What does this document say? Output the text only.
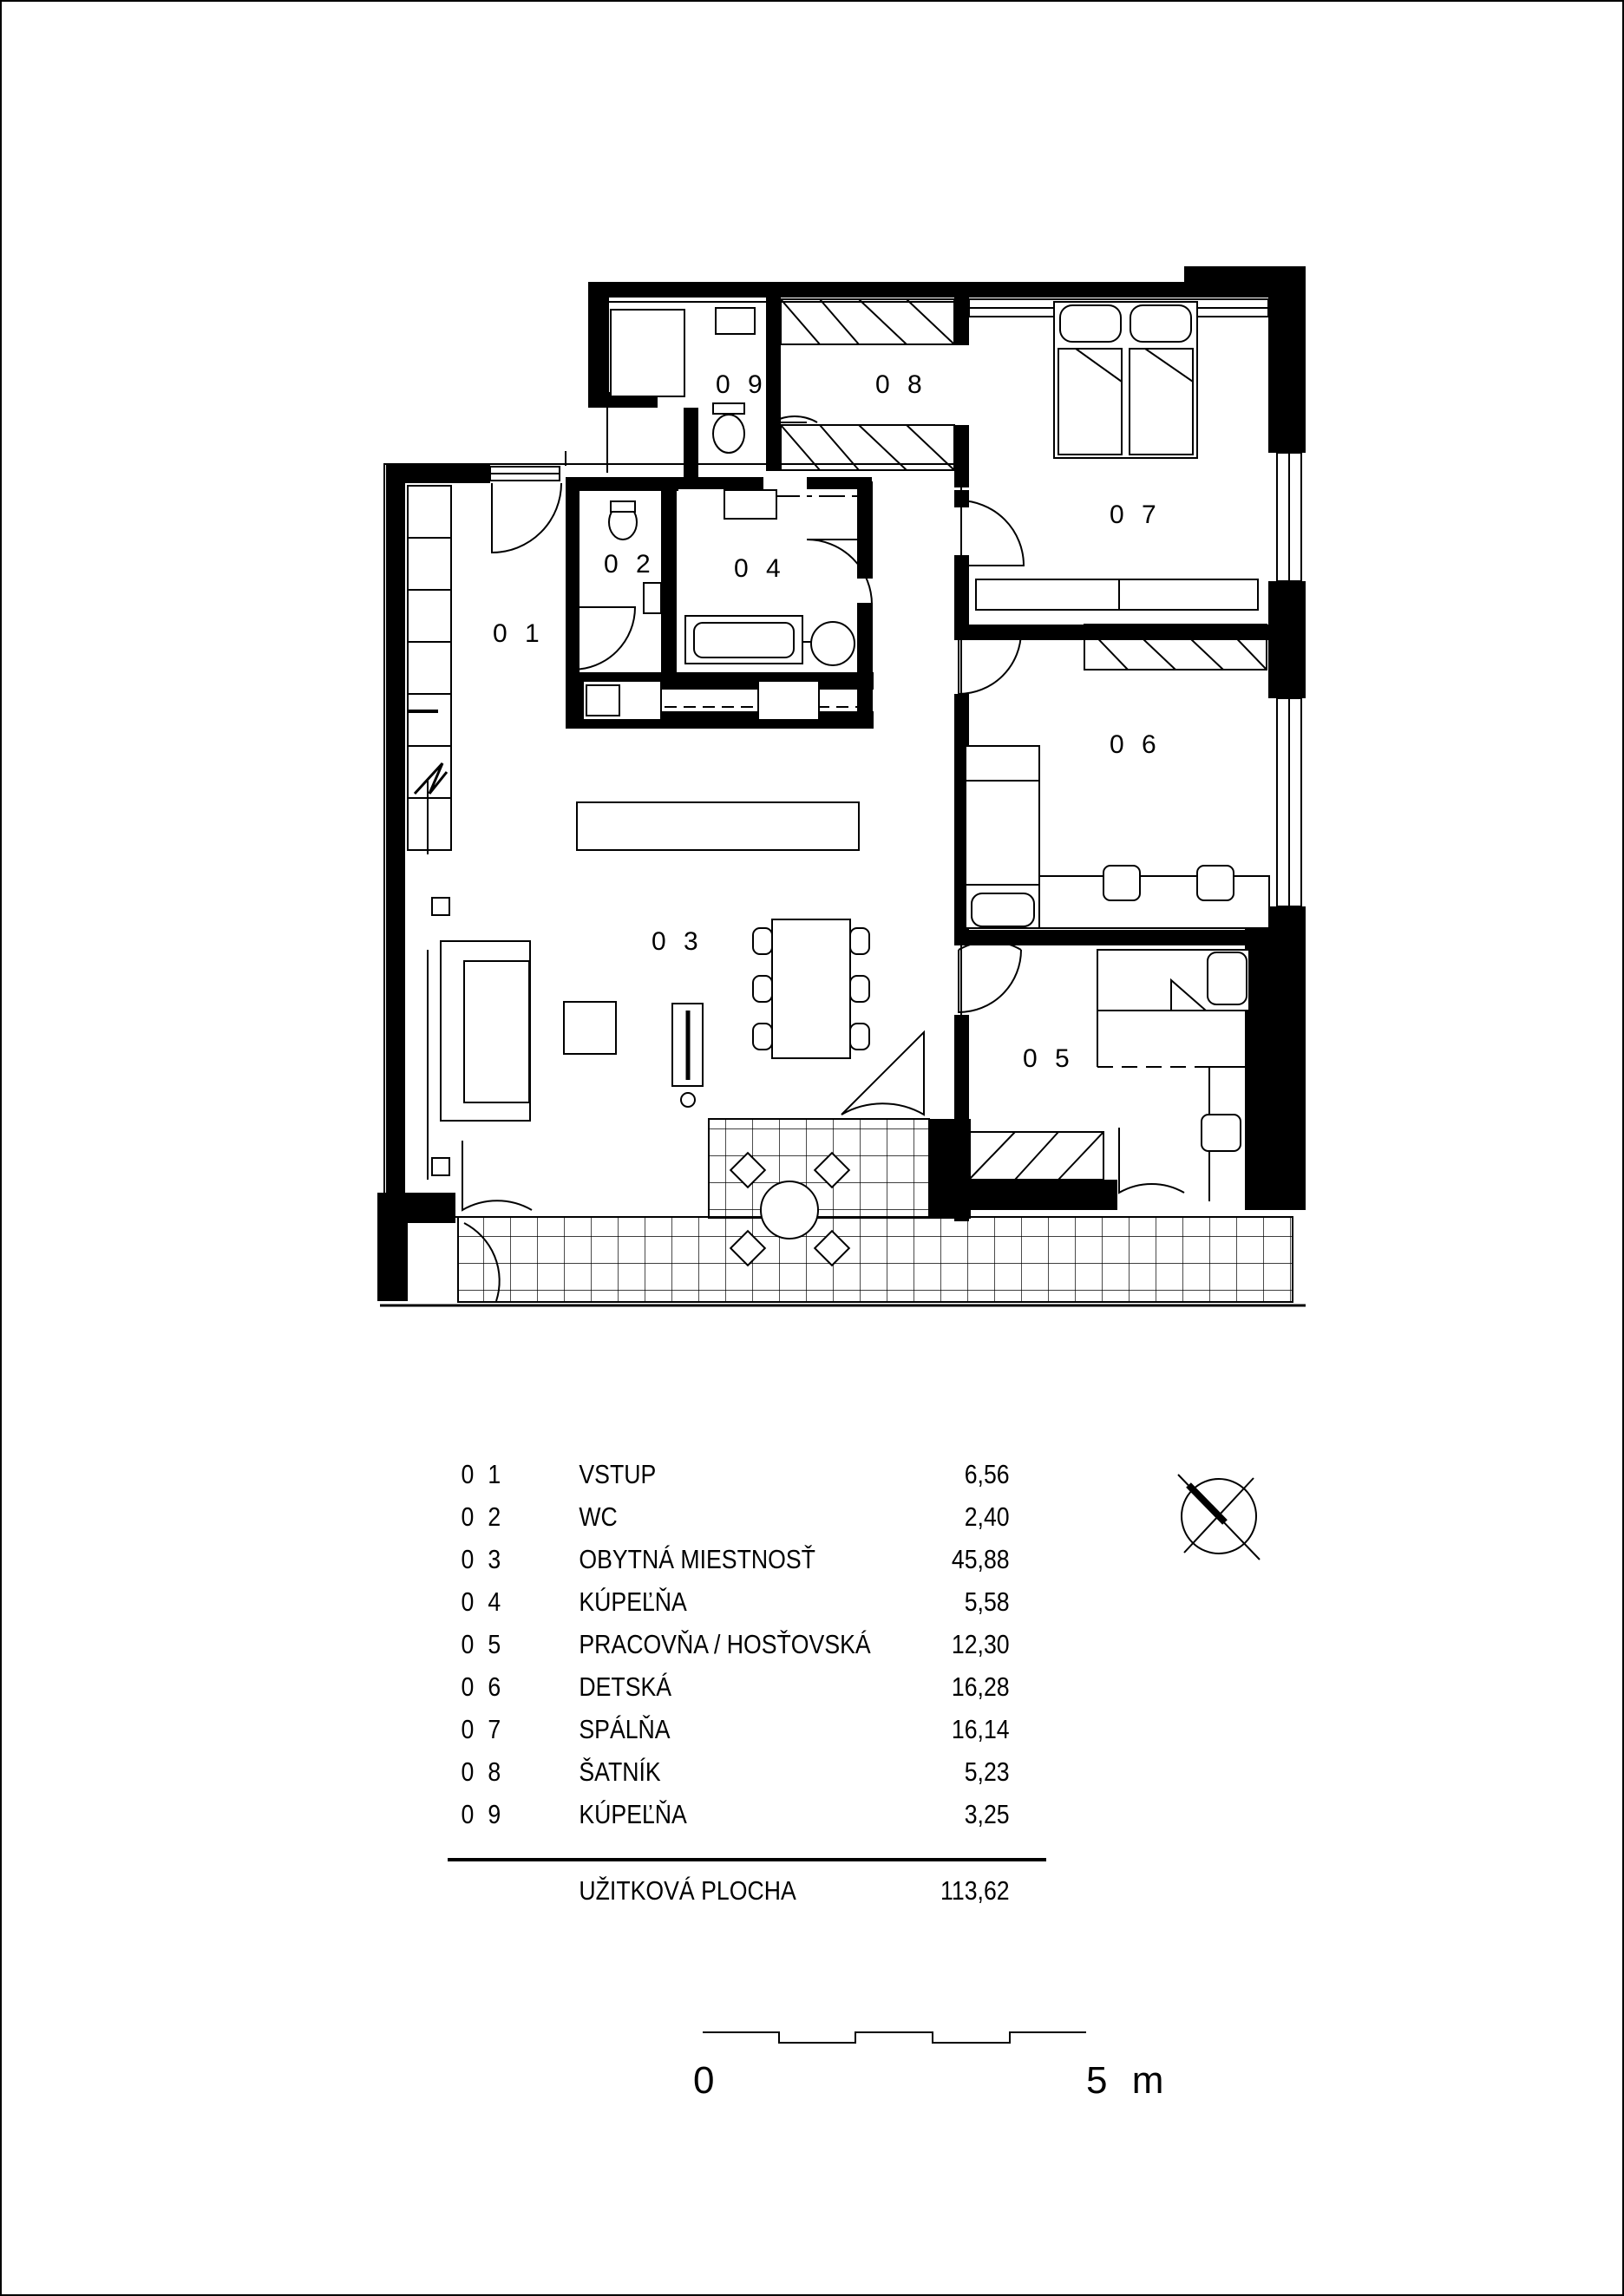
0 1
0 2
0 3
0 4
0 5
0 6
0 7
0 8
0 9
0 1	VSTUP	6,56
0 2	WC	2,40
0 3	OBYTNÁ MIESTNOSŤ	45,88
0 4	KÚPEĽŇA	5,58
0 5	PRACOVŇA / HOSŤOVSKÁ	12,30
0 6	DETSKÁ	16,28
0 7	SPÁLŇA	16,14
0 8	ŠATNÍK	5,23
0 9	KÚPEĽŇA	3,25
UŽITKOVÁ PLOCHA	113,62
0	5 m
